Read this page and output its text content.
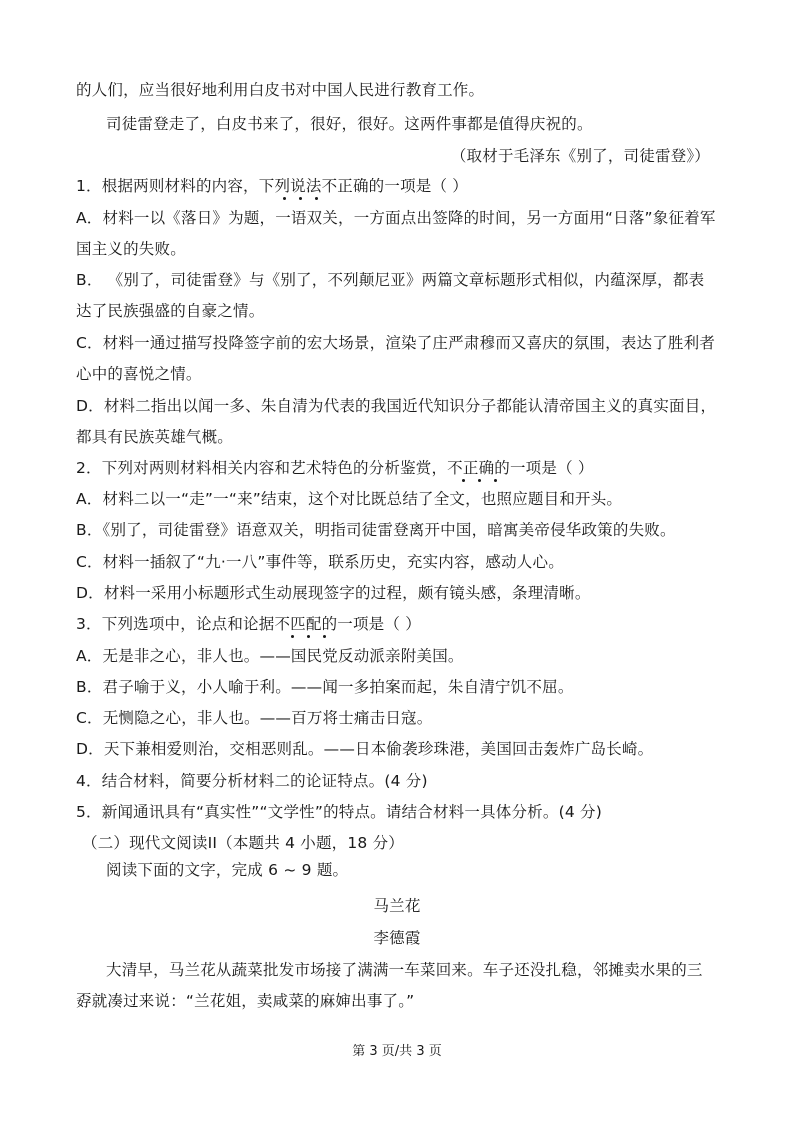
的人们，应当很好地利用白皮书对中国人民进行教育工作。
司徒雷登走了，白皮书来了，很好，很好。这两件事都是值得庆祝的。
（取材于毛泽东《别了，司徒雷登》）
1．根据两则材料的内容，下列说法不正确的一项是（ ）
A．材料一以《落日》为题，一语双关，一方面点出签降的时间，另一方面用“日落”象征着军
国主义的失败。
B． 《别了，司徒雷登》与《别了，不列颠尼亚》两篇文章标题形式相似，内蕴深厚，都表
达了民族强盛的自豪之情。
C．材料一通过描写投降签字前的宏大场景，渲染了庄严肃穆而又喜庆的氛围，表达了胜利者
心中的喜悦之情。
D．材料二指出以闻一多、朱自清为代表的我国近代知识分子都能认清帝国主义的真实面目，
都具有民族英雄气概。
2．下列对两则材料相关内容和艺术特色的分析鉴赏，不正确的一项是（ ）
A．材料二以一“走”一“来”结束，这个对比既总结了全文，也照应题目和开头。
B．《别了，司徒雷登》语意双关，明指司徒雷登离开中国，暗寓美帝侵华政策的失败。
C．材料一插叙了“九·一八”事件等，联系历史，充实内容，感动人心。
D．材料一采用小标题形式生动展现签字的过程，颇有镜头感，条理清晰。
3．下列选项中，论点和论据不匹配的一项是（ ）
A．无是非之心，非人也。——国民党反动派亲附美国。
B．君子喻于义，小人喻于利。——闻一多拍案而起，朱自清宁饥不屈。
C．无恻隐之心，非人也。——百万将士痛击日寇。
D．天下兼相爱则治，交相恶则乱。——日本偷袭珍珠港，美国回击轰炸广岛长崎。
4．结合材料，简要分析材料二的论证特点。(4 分)
5．新闻通讯具有“真实性”“文学性”的特点。请结合材料一具体分析。(4 分)
（二）现代文阅读II（本题共 4 小题，18 分）
阅读下面的文字，完成 6 ~ 9 题。
马兰花
李德霞
大清早，马兰花从蔬菜批发市场接了满满一车菜回来。车子还没扎稳，邻摊卖水果的三
孬就凑过来说：“兰花姐，卖咸菜的麻婶出事了。”
第 3 页/共 3 页
